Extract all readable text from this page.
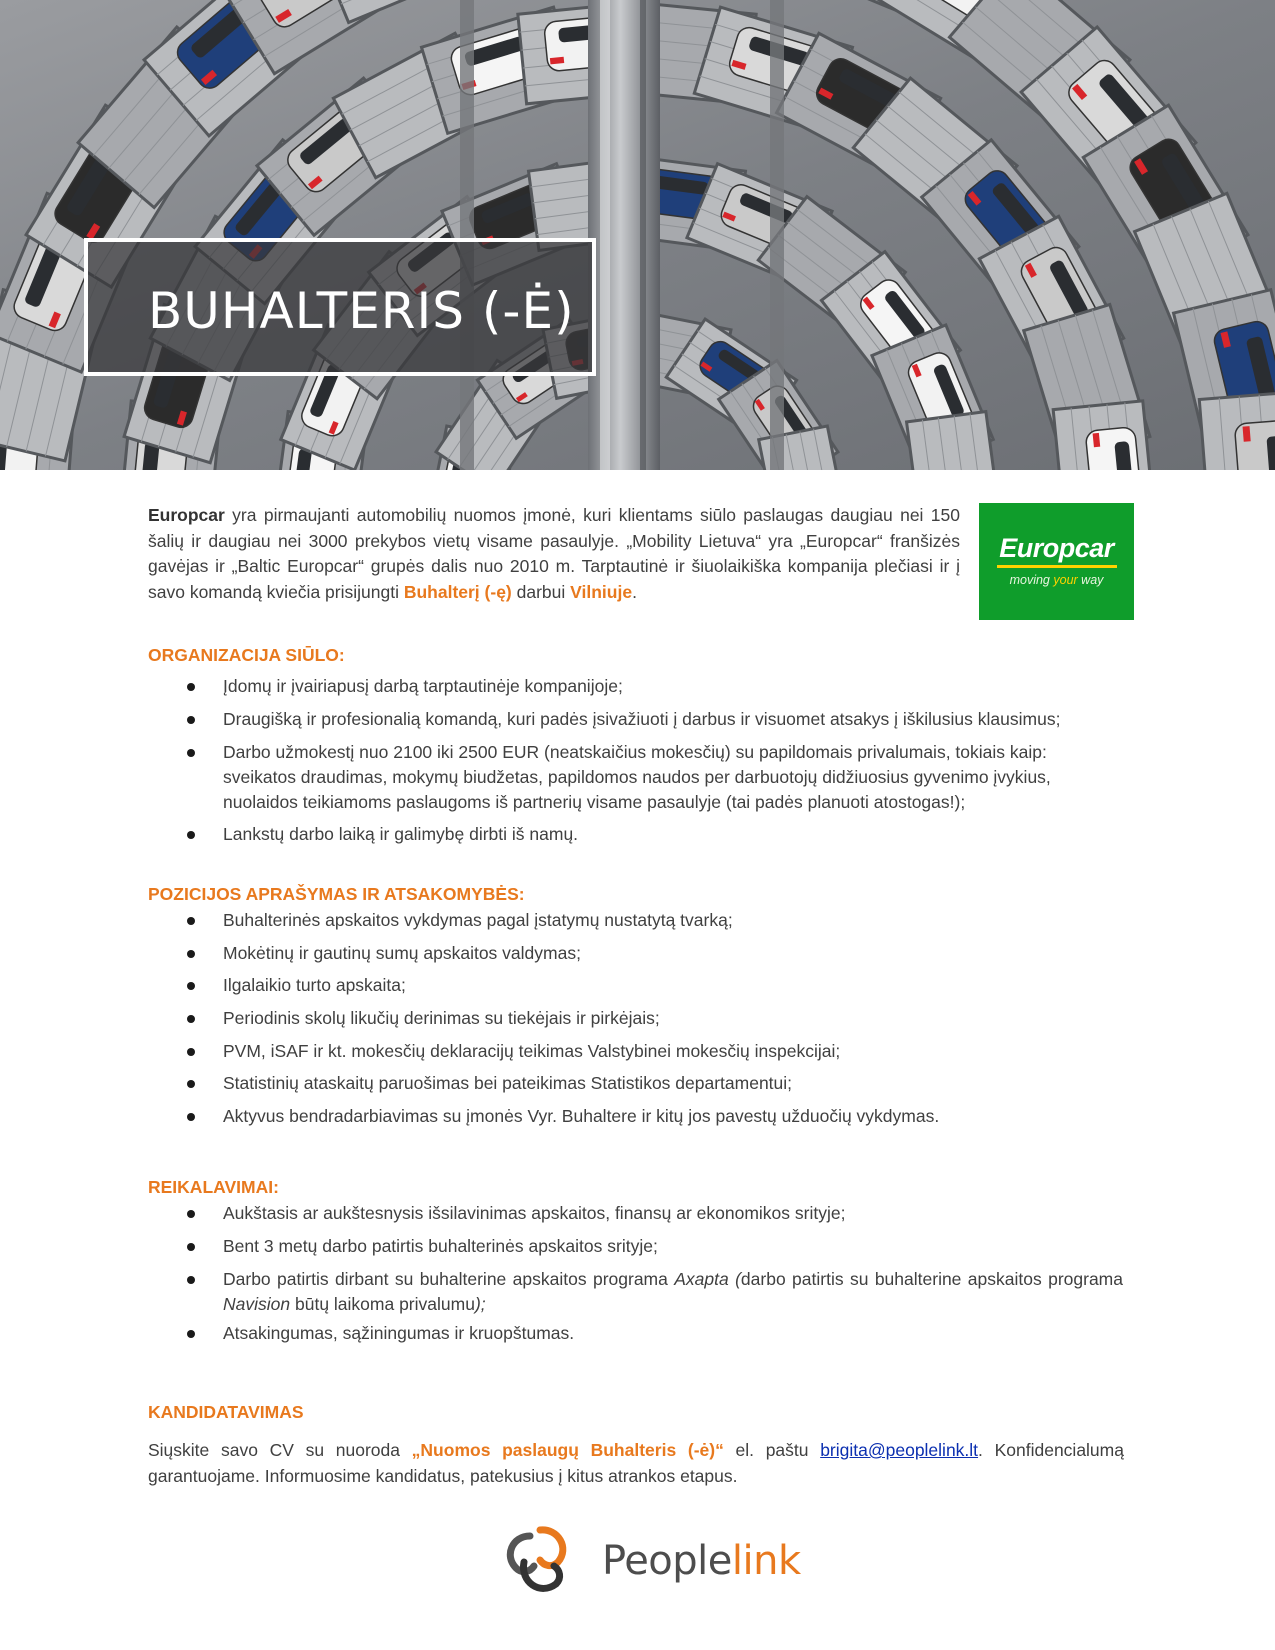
BUHALTERIS (-Ė)

Europcar yra pirmaujanti automobilių nuomos įmonė, kuri klientams siūlo paslaugas daugiau nei 150 šalių ir daugiau nei 3000 prekybos vietų visame pasaulyje. „Mobility Lietuva“ yra „Europcar“ franšizės gavėjas ir „Baltic Europcar“ grupės dalis nuo 2010 m. Tarptautinė ir šiuolaikiška kompanija plečiasi ir į savo komandą kviečia prisijungti Buhalterį (-ę) darbui Vilniuje.

Europcar
moving your way
ORGANIZACIJA SIŪLO:
Įdomų ir įvairiapusį darbą tarptautinėje kompanijoje;
Draugišką ir profesionalią komandą, kuri padės įsivažiuoti į darbus ir visuomet atsakys į iškilusius klausimus;
Darbo užmokestį nuo 2100 iki 2500 EUR (neatskaičius mokesčių) su papildomais privalumais, tokiais kaip: sveikatos draudimas, mokymų biudžetas, papildomos naudos per darbuotojų didžiuosius gyvenimo įvykius, nuolaidos teikiamoms paslaugoms iš partnerių visame pasaulyje (tai padės planuoti atostogas!);
Lankstų darbo laiką ir galimybę dirbti iš namų.
POZICIJOS APRAŠYMAS IR ATSAKOMYBĖS:
Buhalterinės apskaitos vykdymas pagal įstatymų nustatytą tvarką;
Mokėtinų ir gautinų sumų apskaitos valdymas;
Ilgalaikio turto apskaita;
Periodinis skolų likučių derinimas su tiekėjais ir pirkėjais;
PVM, iSAF ir kt. mokesčių deklaracijų teikimas Valstybinei mokesčių inspekcijai;
Statistinių ataskaitų paruošimas bei pateikimas Statistikos departamentui;
Aktyvus bendradarbiavimas su įmonės Vyr. Buhaltere ir kitų jos pavestų užduočių vykdymas.
REIKALAVIMAI:
Aukštasis ar aukštesnysis išsilavinimas apskaitos, finansų ar ekonomikos srityje;
Bent 3 metų darbo patirtis buhalterinės apskaitos srityje;
Darbo patirtis dirbant su buhalterine apskaitos programa Axapta (darbo patirtis su buhalterine apskaitos programa Navision būtų laikoma privalumu);
Atsakingumas, sąžiningumas ir kruopštumas.
KANDIDATAVIMAS

Siųskite savo CV su nuoroda „Nuomos paslaugų Buhalteris (-ė)“ el. paštu brigita@peoplelink.lt. Konfidencialumą garantuojame. Informuosime kandidatus, patekusius į kitus atrankos etapus.

Peoplelink
